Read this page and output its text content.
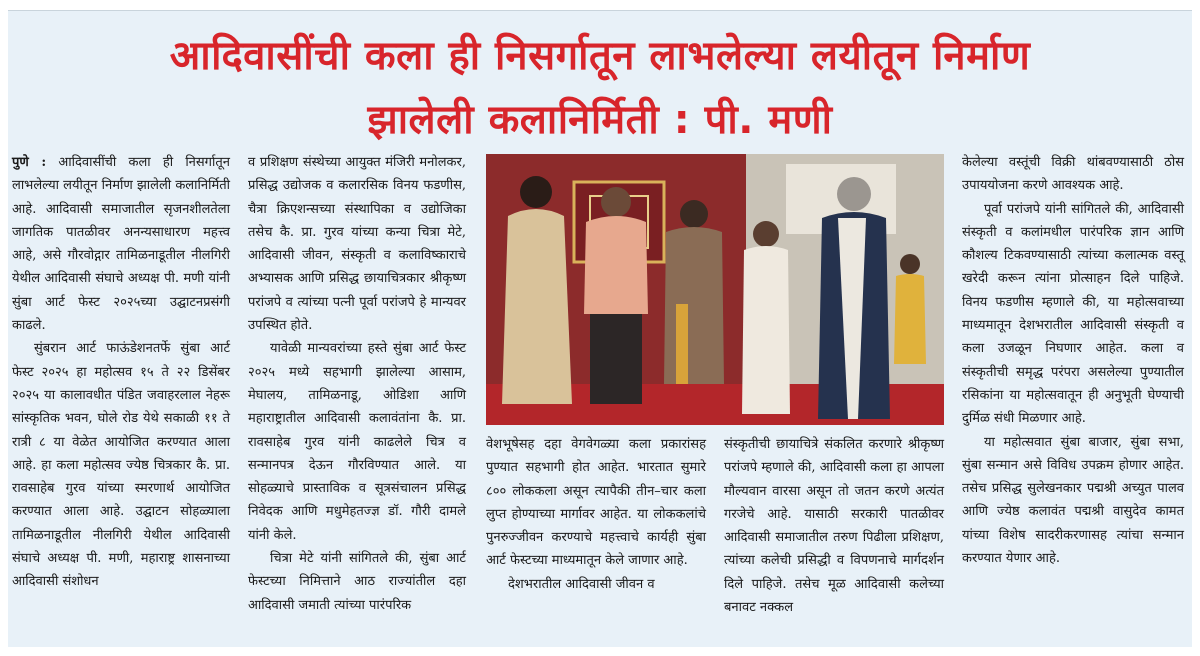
आदिवासींची कला ही निसर्गातून लाभलेल्या लयीतून निर्माण
झालेली कलानिर्मिती : पी. मणी

पुणे : आदिवासींची कला ही निसर्गातून लाभलेल्या लयीतून निर्माण झालेली कलानिर्मिती आहे. आदिवासी समाजातील सृजनशीलतेला जागतिक पातळीवर अनन्यसाधारण महत्त्व आहे, असे गौरवोद्गार तामिळनाडूतील नीलगिरी येथील आदिवासी संघाचे अध्यक्ष पी. मणी यांनी सुंबा आर्ट फेस्ट २०२५च्या उद्घाटनप्रसंगी काढले.

सुंबरान आर्ट फाऊंडेशनतर्फे सुंबा आर्ट फेस्ट २०२५ हा महोत्सव १५ ते २२ डिसेंबर २०२५ या कालावधीत पंडित जवाहरलाल नेहरू सांस्कृतिक भवन, घोले रोड येथे सकाळी ११ ते रात्री ८ या वेळेत आयोजित करण्यात आला आहे. हा कला महोत्सव ज्येष्ठ चित्रकार कै. प्रा. रावसाहेब गुरव यांच्या स्मरणार्थ आयोजित करण्यात आला आहे. उद्घाटन सोहळ्याला तामिळनाडूतील नीलगिरी येथील आदिवासी संघाचे अध्यक्ष पी. मणी, महाराष्ट्र शासनाच्या आदिवासी संशोधन

व प्रशिक्षण संस्थेच्या आयुक्त मंजिरी मनोलकर, प्रसिद्ध उद्योजक व कलारसिक विनय फडणीस, चैत्रा क्रिएशन्सच्या संस्थापिका व उद्योजिका तसेच कै. प्रा. गुरव यांच्या कन्या चित्रा मेटे, आदिवासी जीवन, संस्कृती व कलाविष्काराचे अभ्यासक आणि प्रसिद्ध छायाचित्रकार श्रीकृष्ण परांजपे व त्यांच्या पत्नी पूर्वा परांजपे हे मान्यवर उपस्थित होते.

यावेळी मान्यवरांच्या हस्ते सुंबा आर्ट फेस्ट २०२५ मध्ये सहभागी झालेल्या आसाम, मेघालय, तामिळनाडू, ओडिशा आणि महाराष्ट्रातील आदिवासी कलावंतांना कै. प्रा. रावसाहेब गुरव यांनी काढलेले चित्र व सन्मानपत्र देऊन गौरविण्यात आले. या सोहळ्याचे प्रास्ताविक व सूत्रसंचालन प्रसिद्ध निवेदक आणि मधुमेहतज्ज्ञ डॉ. गौरी दामले यांनी केले.

चित्रा मेटे यांनी सांगितले की, सुंबा आर्ट फेस्टच्या निमित्ताने आठ राज्यांतील दहा आदिवासी जमाती त्यांच्या पारंपरिक

वेशभूषेसह दहा वेगवेगळ्या कला प्रकारांसह पुण्यात सहभागी होत आहेत. भारतात सुमारे ८०० लोककला असून त्यापैकी तीन–चार कला लुप्त होण्याच्या मार्गावर आहेत. या लोककलांचे पुनरुज्जीवन करण्याचे महत्त्वाचे कार्यही सुंबा आर्ट फेस्टच्या माध्यमातून केले जाणार आहे.

देशभरातील आदिवासी जीवन व

संस्कृतीची छायाचित्रे संकलित करणारे श्रीकृष्ण परांजपे म्हणाले की, आदिवासी कला हा आपला मौल्यवान वारसा असून तो जतन करणे अत्यंत गरजेचे आहे. यासाठी सरकारी पातळीवर आदिवासी समाजातील तरुण पिढीला प्रशिक्षण, त्यांच्या कलेची प्रसिद्धी व विपणनाचे मार्गदर्शन दिले पाहिजे. तसेच मूळ आदिवासी कलेच्या बनावट नक्कल

केलेल्या वस्तूंची विक्री थांबवण्यासाठी ठोस उपाययोजना करणे आवश्यक आहे.

पूर्वा परांजपे यांनी सांगितले की, आदिवासी संस्कृती व कलांमधील पारंपरिक ज्ञान आणि कौशल्य टिकवण्यासाठी त्यांच्या कलात्मक वस्तू खरेदी करून त्यांना प्रोत्साहन दिले पाहिजे. विनय फडणीस म्हणाले की, या महोत्सवाच्या माध्यमातून देशभरातील आदिवासी संस्कृती व कला उजळून निघणार आहेत. कला व संस्कृतीची समृद्ध परंपरा असलेल्या पुण्यातील रसिकांना या महोत्सवातून ही अनुभूती घेण्याची दुर्मिळ संधी मिळणार आहे.

या महोत्सवात सुंबा बाजार, सुंबा सभा, सुंबा सन्मान असे विविध उपक्रम होणार आहेत. तसेच प्रसिद्ध सुलेखनकार पद्मश्री अच्युत पालव आणि ज्येष्ठ कलावंत पद्मश्री वासुदेव कामत यांच्या विशेष सादरीकरणासह त्यांचा सन्मान करण्यात येणार आहे.
